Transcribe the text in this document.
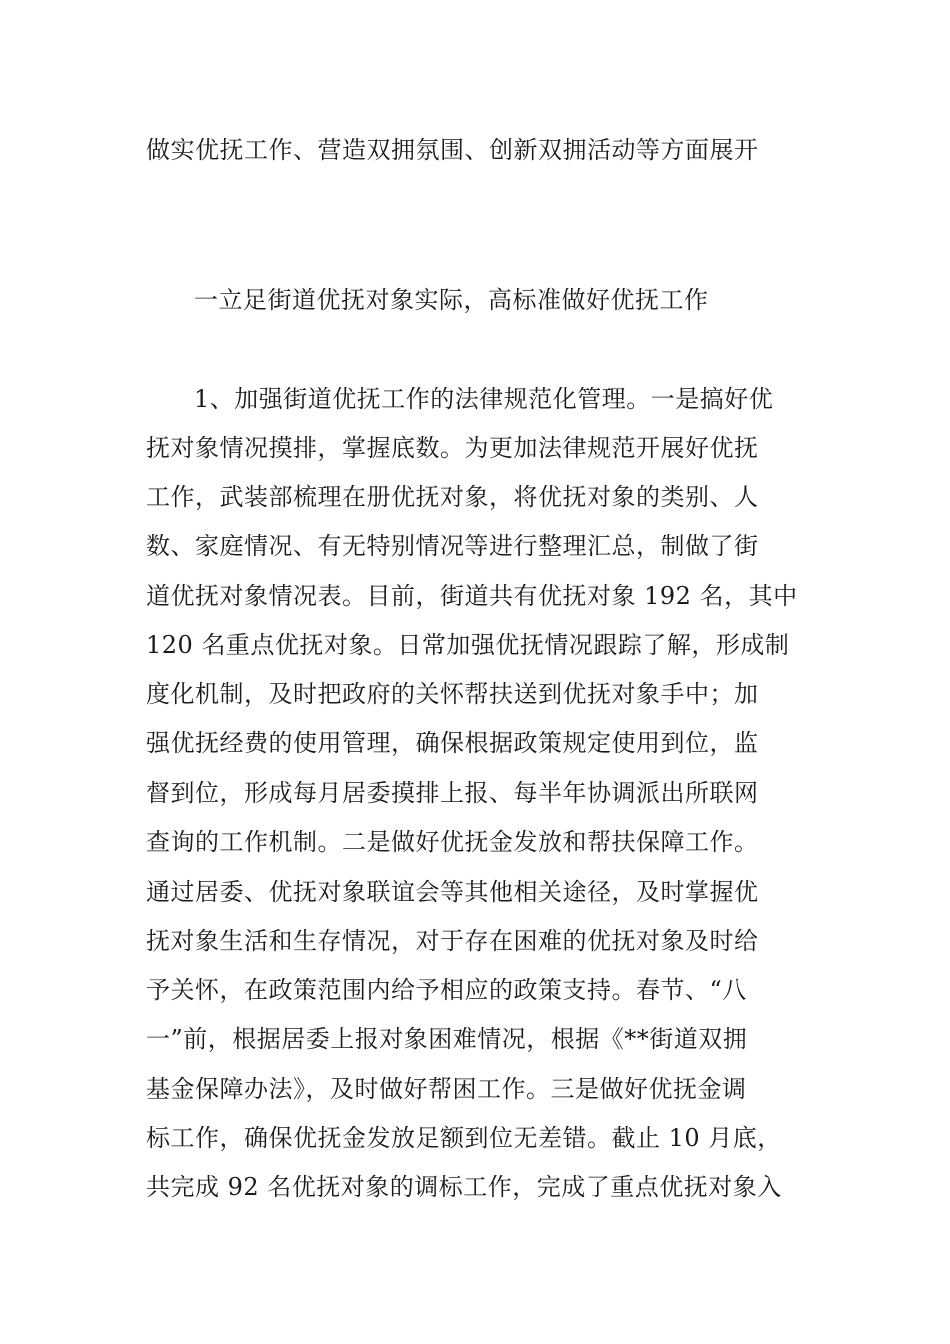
做实优抚工作、营造双拥氛围、创新双拥活动等方面展开
一立足街道优抚对象实际，高标准做好优抚工作
1、加强街道优抚工作的法律规范化管理。一是搞好优
抚对象情况摸排，掌握底数。为更加法律规范开展好优抚
工作，武装部梳理在册优抚对象，将优抚对象的类别、人
数、家庭情况、有无特别情况等进行整理汇总，制做了街
道优抚对象情况表。目前，街道共有优抚对象 192 名，其中
120 名重点优抚对象。日常加强优抚情况跟踪了解，形成制
度化机制，及时把政府的关怀帮扶送到优抚对象手中；加
强优抚经费的使用管理，确保根据政策规定使用到位，监
督到位，形成每月居委摸排上报、每半年协调派出所联网
查询的工作机制。二是做好优抚金发放和帮扶保障工作。
通过居委、优抚对象联谊会等其他相关途径，及时掌握优
抚对象生活和生存情况，对于存在困难的优抚对象及时给
予关怀，在政策范围内给予相应的政策支持。春节、“八
一”前，根据居委上报对象困难情况，根据《**街道双拥
基金保障办法》，及时做好帮困工作。三是做好优抚金调
标工作，确保优抚金发放足额到位无差错。截止 10 月底，
共完成 92 名优抚对象的调标工作，完成了重点优抚对象入
